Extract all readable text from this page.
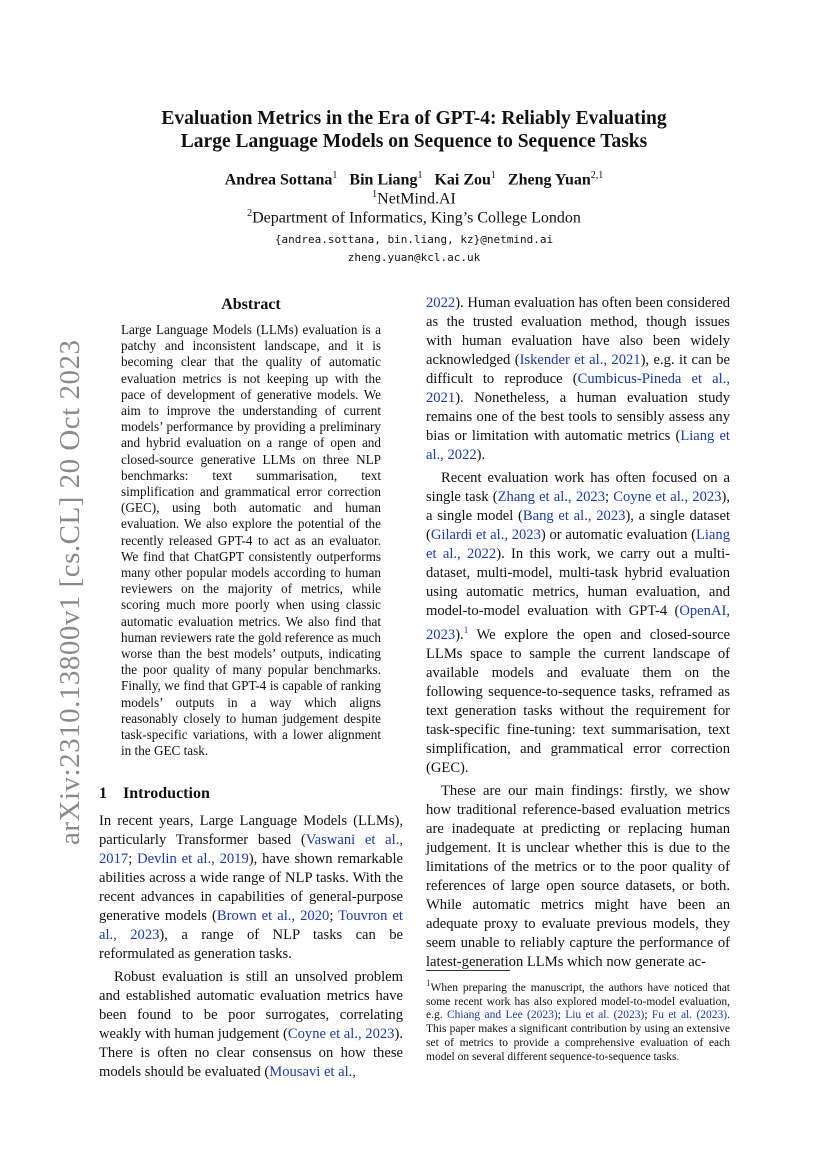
arXiv:2310.13800v1 [cs.CL] 20 Oct 2023
Evaluation Metrics in the Era of GPT-4: Reliably Evaluating
Large Language Models on Sequence to Sequence Tasks
Andrea Sottana$^1$ Bin Liang$^1$ Kai Zou$^1$ Zheng Yuan$^{2,1}$
$^1$NetMind.AI
$^2$Department of Informatics, King’s College London
{andrea.sottana, bin.liang, kz}@netmind.ai
zheng.yuan@kcl.ac.uk
Abstract
Large Language Models (LLMs) evaluation is a patchy and inconsistent landscape, and it is becoming clear that the quality of automatic evaluation metrics is not keeping up with the pace of development of generative models. We aim to improve the understanding of current models’ performance by providing a preliminary and hybrid evaluation on a range of open and closed-source generative LLMs on three NLP benchmarks: text summarisation, text simplification and grammatical error correction (GEC), using both automatic and human evaluation. We also explore the potential of the recently released GPT-4 to act as an evaluator. We find that ChatGPT consistently outperforms many other popular models according to human reviewers on the majority of metrics, while scoring much more poorly when using classic automatic evaluation metrics. We also find that human reviewers rate the gold reference as much worse than the best models’ outputs, indicating the poor quality of many popular benchmarks. Finally, we find that GPT-4 is capable of ranking models’ outputs in a way which aligns reasonably closely to human judgement despite task-specific variations, with a lower alignment in the GEC task.
1 Introduction

In recent years, Large Language Models (LLMs), particularly Transformer based (Vaswani et al., 2017; Devlin et al., 2019), have shown remarkable abilities across a wide range of NLP tasks. With the recent advances in capabilities of general-purpose generative models (Brown et al., 2020; Touvron et al., 2023), a range of NLP tasks can be reformulated as generation tasks.

Robust evaluation is still an unsolved problem and established automatic evaluation metrics have been found to be poor surrogates, correlating weakly with human judgement (Coyne et al., 2023). There is often no clear consensus on how these models should be evaluated (Mousavi et al.,

2022). Human evaluation has often been considered as the trusted evaluation method, though issues with human evaluation have also been widely acknowledged (Iskender et al., 2021), e.g. it can be difficult to reproduce (Cumbicus-Pineda et al., 2021). Nonetheless, a human evaluation study remains one of the best tools to sensibly assess any bias or limitation with automatic metrics (Liang et al., 2022).

Recent evaluation work has often focused on a single task (Zhang et al., 2023; Coyne et al., 2023), a single model (Bang et al., 2023), a single dataset (Gilardi et al., 2023) or automatic evaluation (Liang et al., 2022). In this work, we carry out a multi-dataset, multi-model, multi-task hybrid evaluation using automatic metrics, human evaluation, and model-to-model evaluation with GPT-4 (OpenAI, 2023).$^1$ We explore the open and closed-source LLMs space to sample the current landscape of available models and evaluate them on the following sequence-to-sequence tasks, reframed as text generation tasks without the requirement for task-specific fine-tuning: text summarisation, text simplification, and grammatical error correction (GEC).

These are our main findings: firstly, we show how traditional reference-based evaluation metrics are inadequate at predicting or replacing human judgement. It is unclear whether this is due to the limitations of the metrics or to the poor quality of references of large open source datasets, or both. While automatic metrics might have been an adequate proxy to evaluate previous models, they seem unable to reliably capture the performance of latest-generation LLMs which now generate ac-

$^1$When preparing the manuscript, the authors have noticed that some recent work has also explored model-to-model evaluation, e.g. Chiang and Lee (2023); Liu et al. (2023); Fu et al. (2023). This paper makes a significant contribution by using an extensive set of metrics to provide a comprehensive evaluation of each model on several different sequence-to-sequence tasks.
